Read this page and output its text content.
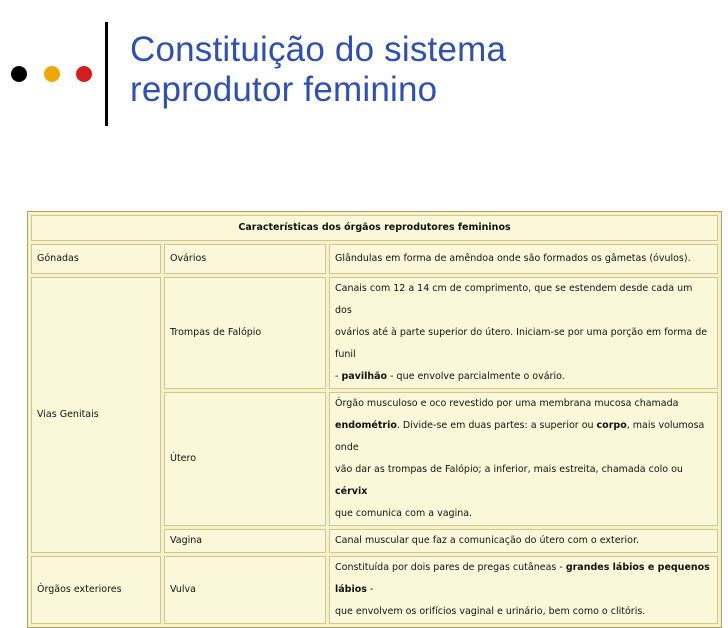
Constituição do sistema
reprodutor feminino
Características dos órgãos reprodutores femininos		
Gónadas	Ovários	Glândulas em forma de amêndoa onde são formados os gâmetas (óvulos).
Vias Genitais	Trompas de Falópio	Canais com 12 a 14 cm de comprimento, que se estendem desde cada um dos
ovários até à parte superior do útero. Iniciam-se por uma porção em forma de funil
- pavilhão - que envolve parcialmente o ovário.

	Útero	Órgão musculoso e oco revestido por uma membrana mucosa chamada
endométrio. Divide-se em duas partes: a superior ou corpo, mais volumosa onde
vão dar as trompas de Falópio; a inferior, mais estreita, chamada colo ou cérvix
que comunica com a vagina.

	Vagina	Canal muscular que faz a comunicação do útero com o exterior.
Órgãos exteriores	Vulva	Constituída por dois pares de pregas cutâneas - grandes lábios e pequenos lábios -
que envolvem os orifícios vaginal e urinário, bem como o clitóris.
